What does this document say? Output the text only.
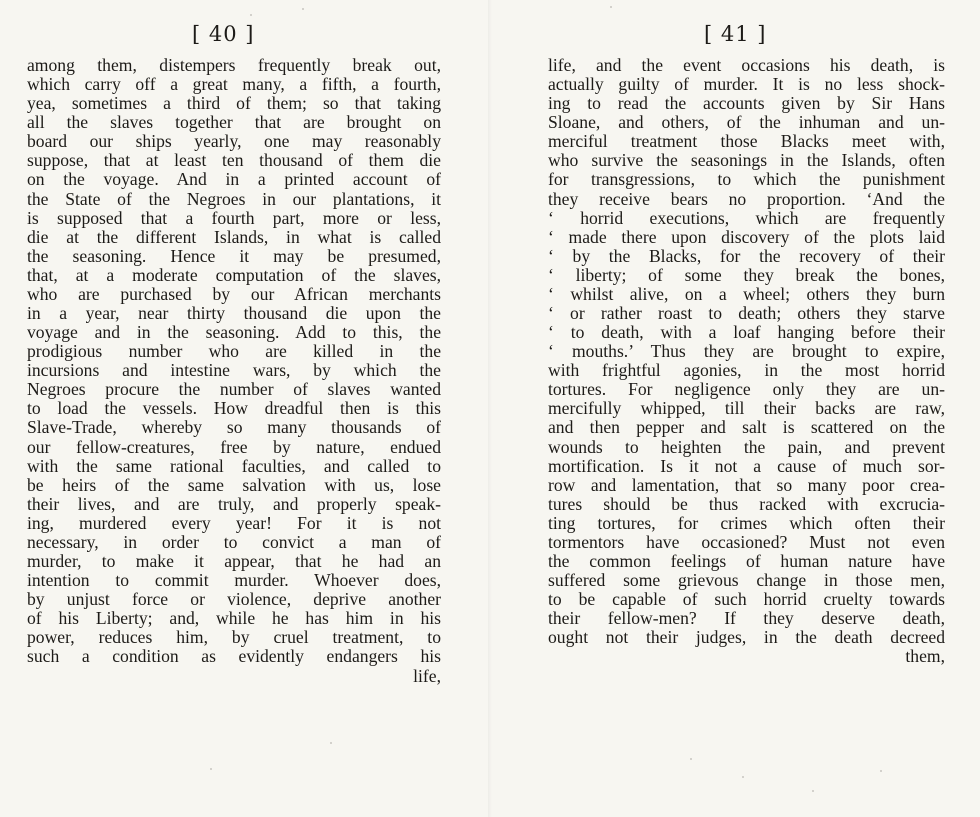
[ 40 ]
among them, distempers frequently break out,
which carry off a great many, a fifth, a fourth,
yea, sometimes a third of them; so that taking
all the slaves together that are brought on
board our ships yearly, one may reasonably
suppose, that at least ten thousand of them die
on the voyage. And in a printed account of
the State of the Negroes in our plantations, it
is supposed that a fourth part, more or less,
die at the different Islands, in what is called
the seasoning. Hence it may be presumed,
that, at a moderate computation of the slaves,
who are purchased by our African merchants
in a year, near thirty thousand die upon the
voyage and in the seasoning. Add to this, the
prodigious number who are killed in the
incursions and intestine wars, by which the
Negroes procure the number of slaves wanted
to load the vessels. How dreadful then is this
Slave-Trade, whereby so many thousands of
our fellow-creatures, free by nature, endued
with the same rational faculties, and called to
be heirs of the same salvation with us, lose
their lives, and are truly, and properly speak-
ing, murdered every year! For it is not
necessary, in order to convict a man of
murder, to make it appear, that he had an
intention to commit murder. Whoever does,
by unjust force or violence, deprive another
of his Liberty; and, while he has him in his
power, reduces him, by cruel treatment, to
such a condition as evidently endangers his
life,
[ 41 ]
life, and the event occasions his death, is
actually guilty of murder. It is no less shock-
ing to read the accounts given by Sir Hans
Sloane, and others, of the inhuman and un-
merciful treatment those Blacks meet with,
who survive the seasonings in the Islands, often
for transgressions, to which the punishment
they receive bears no proportion. ‘And the
‘ horrid executions, which are frequently
‘ made there upon discovery of the plots laid
‘ by the Blacks, for the recovery of their
‘ liberty; of some they break the bones,
‘ whilst alive, on a wheel; others they burn
‘ or rather roast to death; others they starve
‘ to death, with a loaf hanging before their
‘ mouths.’ Thus they are brought to expire,
with frightful agonies, in the most horrid
tortures. For negligence only they are un-
mercifully whipped, till their backs are raw,
and then pepper and salt is scattered on the
wounds to heighten the pain, and prevent
mortification. Is it not a cause of much sor-
row and lamentation, that so many poor crea-
tures should be thus racked with excrucia-
ting tortures, for crimes which often their
tormentors have occasioned? Must not even
the common feelings of human nature have
suffered some grievous change in those men,
to be capable of such horrid cruelty towards
their fellow-men? If they deserve death,
ought not their judges, in the death decreed
them,
